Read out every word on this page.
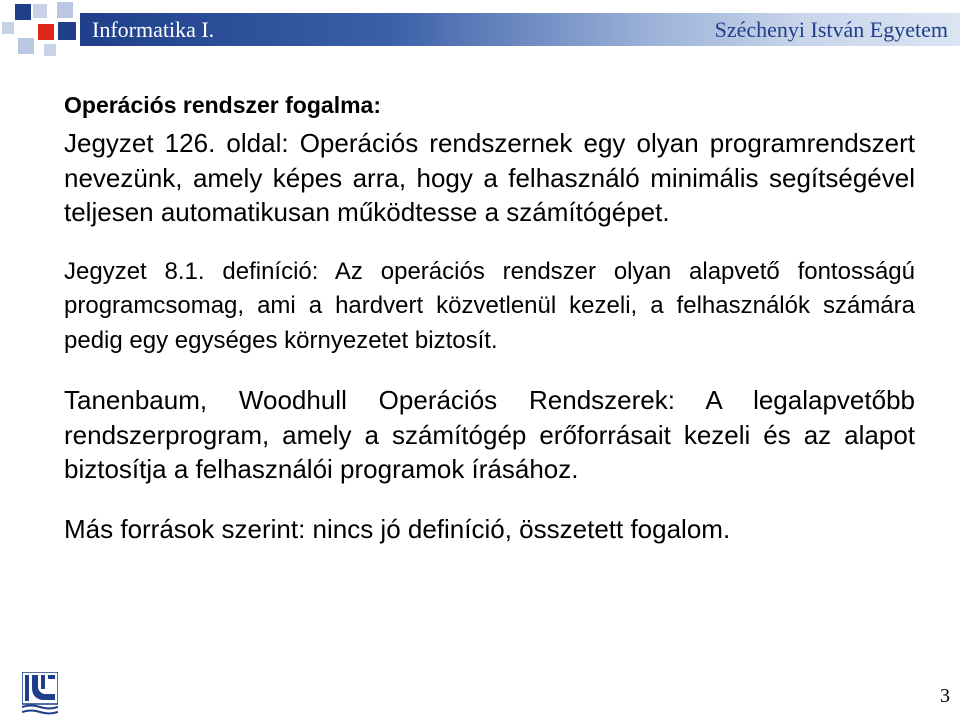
Informatika I.	Széchenyi István Egyetem
Operációs rendszer fogalma:

Jegyzet 126. oldal: Operációs rendszernek egy olyan programrendszert nevezünk, amely képes arra, hogy a felhasználó minimális segítségével teljesen automatikusan működtesse a számítógépet.

Jegyzet 8.1. definíció: Az operációs rendszer olyan alapvető fontosságú programcsomag, ami a hardvert közvetlenül kezeli, a felhasználók számára pedig egy egységes környezetet biztosít.

Tanenbaum, Woodhull Operációs Rendszerek: A legalapvetőbb rendszerprogram, amely a számítógép erőforrásait kezeli és az alapot biztosítja a felhasználói programok írásához.

Más források szerint: nincs jó definíció, összetett fogalom.

3
